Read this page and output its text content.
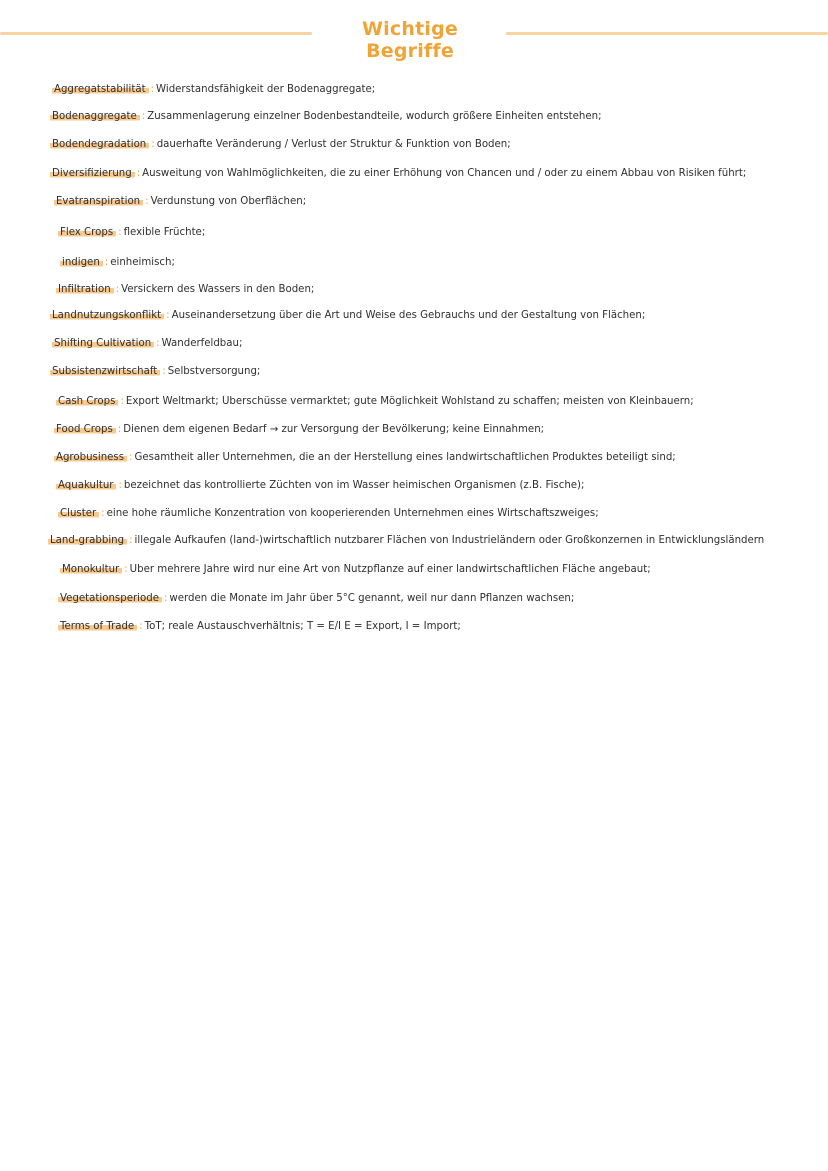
Wichtige Begriffe
Aggregatstabilität : Widerstandsfähigkeit der Bodenaggregate;
Bodenaggregate : Zusammenlagerung einzelner Bodenbestandteile, wodurch größere Einheiten entstehen;
Bodendegradation : dauerhafte Veränderung / Verlust der Struktur & Funktion von Boden;
Diversifizierung : Ausweitung von Wahlmöglichkeiten, die zu einer Erhöhung von Chancen und / oder zu einem Abbau von Risiken führt;
Evatranspiration : Verdunstung von Oberflächen;
Flex Crops : flexible Früchte;
indigen : einheimisch;
Infiltration : Versickern des Wassers in den Boden;
Landnutzungskonflikt : Auseinandersetzung über die Art und Weise des Gebrauchs und der Gestaltung von Flächen;
Shifting Cultivation : Wanderfeldbau;
Subsistenzwirtschaft : Selbstversorgung;
Cash Crops : Export Weltmarkt; Überschüsse vermarktet; gute Möglichkeit Wohlstand zu schaffen; meisten von Kleinbauern;
Food Crops : Dienen dem eigenen Bedarf → zur Versorgung der Bevölkerung; keine Einnahmen;
Agrobusiness : Gesamtheit aller Unternehmen, die an der Herstellung eines landwirtschaftlichen Produktes beteiligt sind;
Aquakultur : bezeichnet das kontrollierte Züchten von im Wasser heimischen Organismen (z.B. Fische);
Cluster : eine hohe räumliche Konzentration von kooperierenden Unternehmen eines Wirtschaftszweiges;
Land-grabbing : illegale Aufkaufen (land-)wirtschaftlich nutzbarer Flächen von Industrieländern oder Großkonzernen in Entwicklungsländern
Monokultur : Über mehrere Jahre wird nur eine Art von Nutzpflanze auf einer landwirtschaftlichen Fläche angebaut;
Vegetationsperiode : werden die Monate im Jahr über 5°C genannt, weil nur dann Pflanzen wachsen;
Terms of Trade : ToT; reale Austauschverhältnis; T = E/I E = Export, I = Import;
